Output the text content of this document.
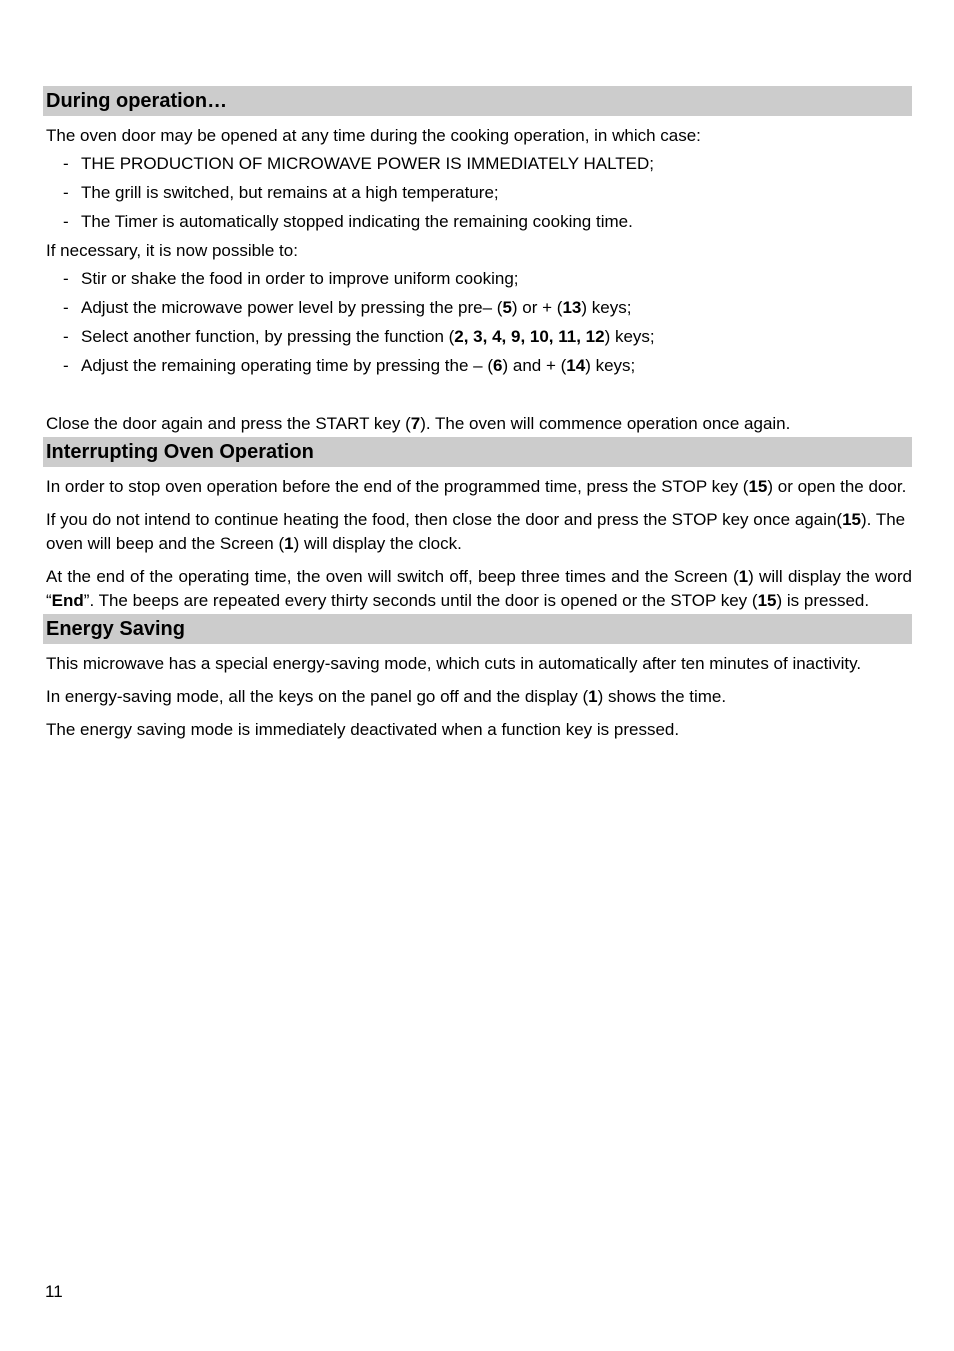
During operation…

The oven door may be opened at any time during the cooking operation, in which case:

- THE PRODUCTION OF MICROWAVE POWER IS IMMEDIATELY HALTED;
- The grill is switched, but remains at a high temperature;
- The Timer is automatically stopped indicating the remaining cooking time.

If necessary, it is now possible to:

- Stir or shake the food in order to improve uniform cooking;
- Adjust the microwave power level by pressing the pre– (5) or + (13) keys;
- Select another function, by pressing the function (2, 3, 4, 9, 10, 11, 12) keys;
- Adjust the remaining operating time by pressing the – (6) and + (14) keys;

Close the door again and press the START key (7). The oven will commence operation once again.

Interrupting Oven Operation

In order to stop oven operation before the end of the programmed time, press the STOP key (15) or open the door.

If you do not intend to continue heating the food, then close the door and press the STOP key once again(15). The oven will beep and the Screen (1) will display the clock.

At the end of the operating time, the oven will switch off, beep three times and the Screen (1) will display the word “End”. The beeps are repeated every thirty seconds until the door is opened or the STOP key (15) is pressed.

Energy Saving

This microwave has a special energy-saving mode, which cuts in automatically after ten minutes of inactivity.

In energy-saving mode, all the keys on the panel go off and the display (1) shows the time.

The energy saving mode is immediately deactivated when a function key is pressed.

11
